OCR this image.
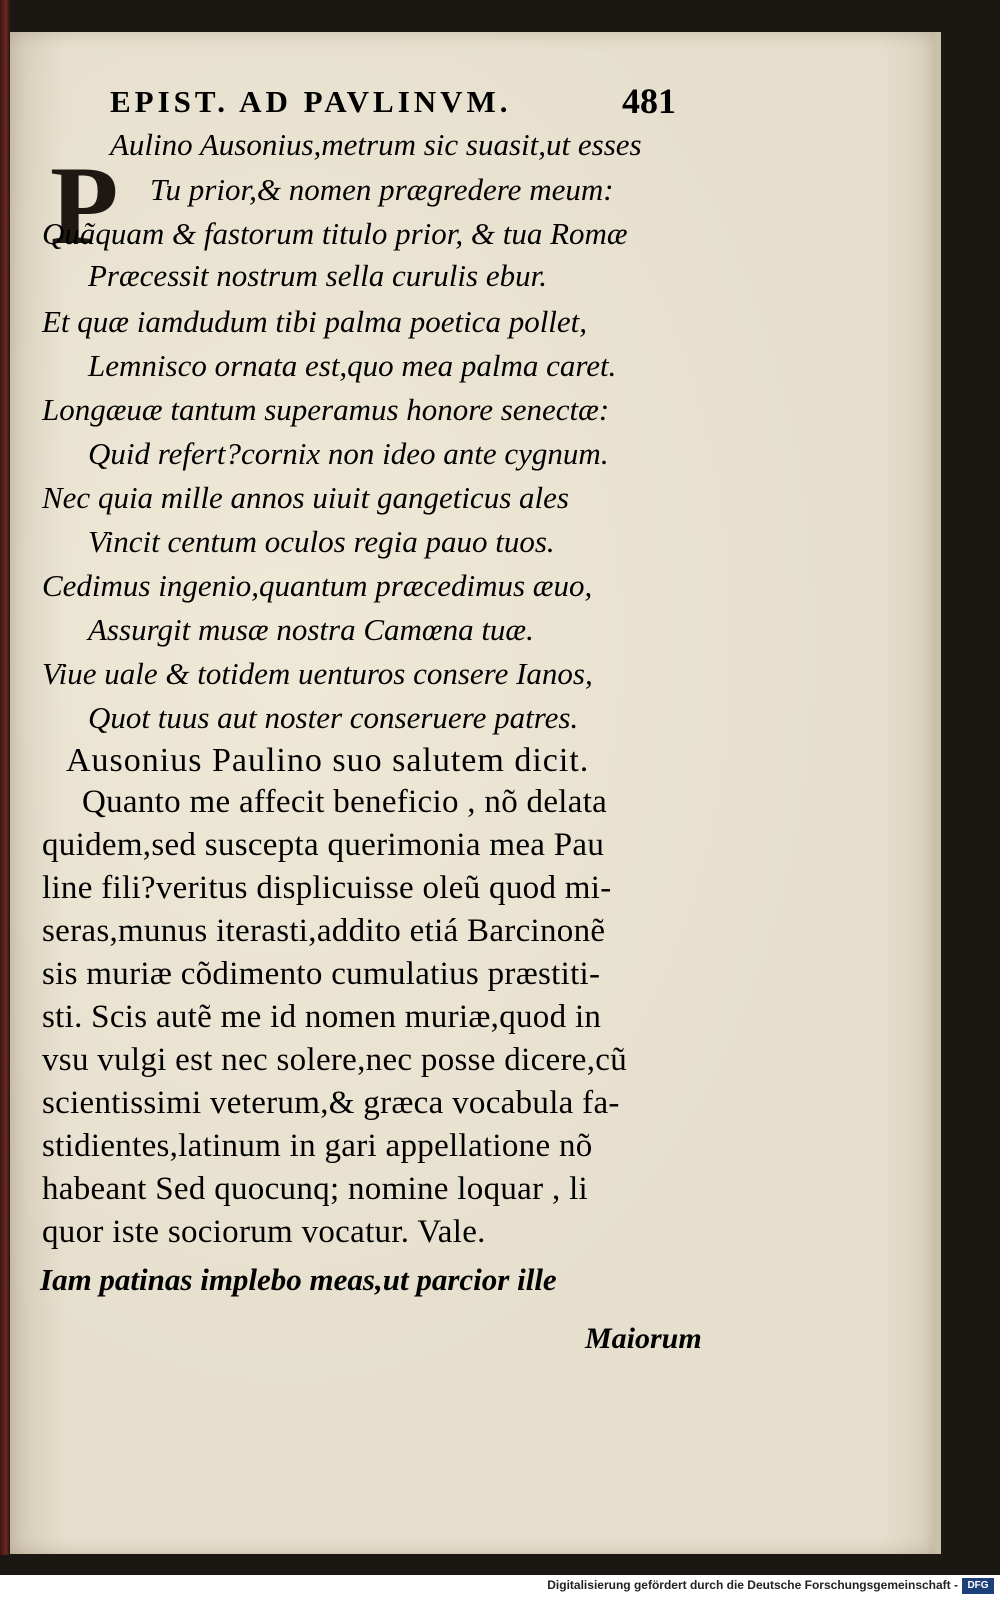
EPIST. AD PAVLINVM.	481
P
Aulino Ausonius,metrum sic suasit,ut esses
Tu prior,& nomen prægredere meum:
Quãquam & fastorum titulo prior, & tua Romæ
Præcessit nostrum sella curulis ebur.
Et quæ iamdudum tibi palma poetica pollet,
Lemnisco ornata est,quo mea palma caret.
Longæuæ tantum superamus honore senectæ:
Quid refert?cornix non ideo ante cygnum.
Nec quia mille annos uiuit gangeticus ales
Vincit centum oculos regia pauo tuos.
Cedimus ingenio,quantum præcedimus æuo,
Assurgit musæ nostra Camœna tuæ.
Viue uale & totidem uenturos consere Ianos,
Quot tuus aut noster conseruere patres.
Ausonius Paulino suo salutem dicit.
Quanto me affecit beneficio , nõ delata
quidem,sed suscepta querimonia mea Pau
line fili?veritus displicuisse oleũ quod mi-
seras,munus iterasti,addito etiá Barcinonẽ
sis muriæ cõdimento cumulatius præstiti-
sti. Scis autẽ me id nomen muriæ,quod in
vsu vulgi est nec solere,nec posse dicere,cũ
scientissimi veterum,& græca vocabula fa-
stidientes,latinum in gari appellatione nõ
habeant Sed quocunq; nomine loquar , li
quor iste sociorum vocatur. Vale.
Iam patinas implebo meas,ut parcior ille
Maiorum
Digitalisierung gefördert durch die Deutsche Forschungsgemeinschaft - DFG
